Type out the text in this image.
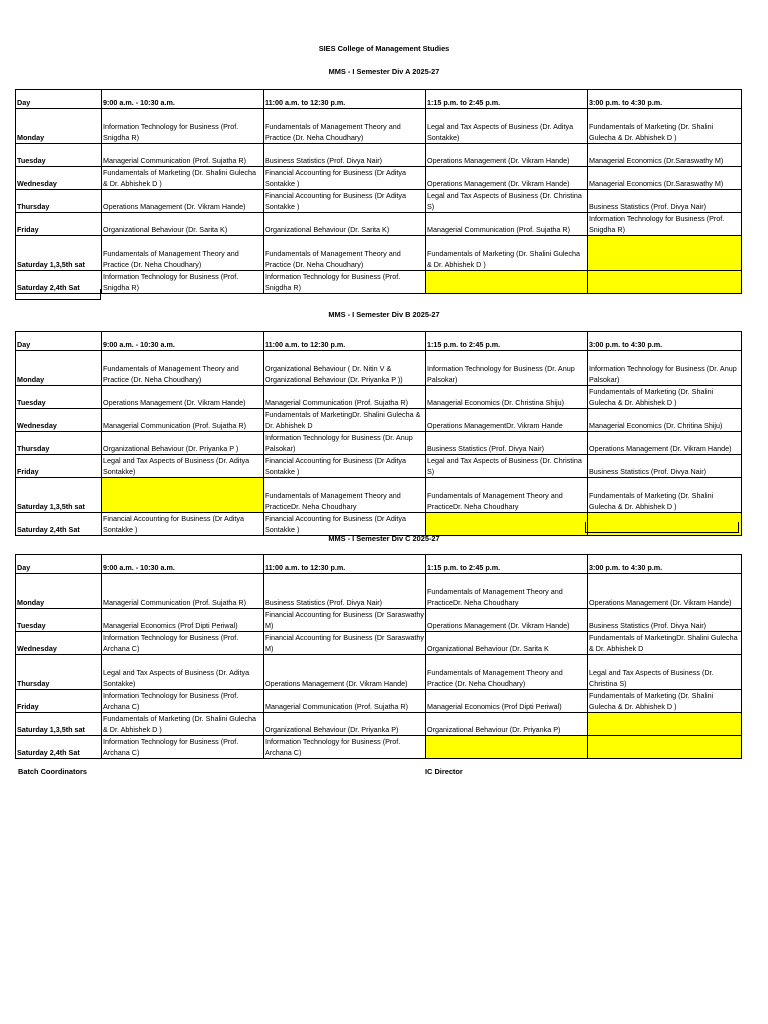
SIES College of Management Studies
MMS - I Semester Div A 2025-27
Day	9:00 a.m. - 10:30 a.m.	11:00 a.m. to 12:30 p.m.	1:15 p.m. to 2:45 p.m.	3:00 p.m. to 4:30 p.m.
Monday	Information Technology for Business (Prof. Snigdha R)	Fundamentals of Management Theory and Practice (Dr. Neha Choudhary)	Legal and Tax Aspects of Business (Dr. Aditya Sontakke)	Fundamentals of Marketing (Dr. Shalini Gulecha & Dr. Abhishek D )
Tuesday	Managerial Communication (Prof. Sujatha R)	Business Statistics (Prof. Divya Nair)	Operations Management (Dr. Vikram Hande)	Managerial Economics (Dr.Saraswathy M)
Wednesday	Fundamentals of Marketing (Dr. Shalini Gulecha & Dr. Abhishek D )	Financial Accounting for Business (Dr Aditya Sontakke )	Operations Management (Dr. Vikram Hande)	Managerial Economics (Dr.Saraswathy M)
Thursday	Operations Management (Dr. Vikram Hande)	Financial Accounting for Business (Dr Aditya Sontakke )	Legal and Tax Aspects of Business (Dr. Christina S)	Business Statistics (Prof. Divya Nair)
Friday	Organizational Behaviour (Dr. Sarita K)	Organizational Behaviour (Dr. Sarita K)	Managerial Communication (Prof. Sujatha R)	Information Technology for Business (Prof. Snigdha R)
Saturday 1,3,5th sat	Fundamentals of Management Theory and Practice (Dr. Neha Choudhary)	Fundamentals of Management Theory and Practice (Dr. Neha Choudhary)	Fundamentals of Marketing (Dr. Shalini Gulecha & Dr. Abhishek D )	
Saturday 2,4th Sat	Information Technology for Business (Prof. Snigdha R)	Information Technology for Business (Prof. Snigdha R)		
MMS - I Semester Div B 2025-27
Day	9:00 a.m. - 10:30 a.m.	11:00 a.m. to 12:30 p.m.	1:15 p.m. to 2:45 p.m.	3:00 p.m. to 4:30 p.m.
Monday	Fundamentals of Management Theory and Practice (Dr. Neha Choudhary)	Organizational Behaviour ( Dr. Nitin V & Organizational Behaviour (Dr. Priyanka P ))	Information Technology for Business (Dr. Anup Palsokar)	Information Technology for Business (Dr. Anup Palsokar)
Tuesday	Operations Management (Dr. Vikram Hande)	Managerial Communication (Prof. Sujatha R)	Managerial Economics (Dr. Christina Shiju)	Fundamentals of Marketing (Dr. Shalini Gulecha & Dr. Abhishek D )
Wednesday	Managerial Communication (Prof. Sujatha R)	Fundamentals of MarketingDr. Shalini Gulecha & Dr. Abhishek D	Operations ManagementDr. Vikram Hande	Managerial Economics (Dr. Chritina Shiju)
Thursday	Organizational Behaviour (Dr. Priyanka P )	Information Technology for Business (Dr. Anup Palsokar)	Business Statistics (Prof. Divya Nair)	Operations Management (Dr. Vikram Hande)
Friday	Legal and Tax Aspects of Business (Dr. Aditya Sontakke)	Financial Accounting for Business (Dr Aditya Sontakke )	Legal and Tax Aspects of Business (Dr. Christina S)	Business Statistics (Prof. Divya Nair)
Saturday 1,3,5th sat		Fundamentals of Management Theory and PracticeDr. Neha Choudhary	Fundamentals of Management Theory and PracticeDr. Neha Choudhary	Fundamentals of Marketing (Dr. Shalini Gulecha & Dr. Abhishek D )
Saturday 2,4th Sat	Financial Accounting for Business (Dr Aditya Sontakke )	Financial Accounting for Business (Dr Aditya Sontakke )		
MMS - I Semester Div C 2025-27
Day	9:00 a.m. - 10:30 a.m.	11:00 a.m. to 12:30 p.m.	1:15 p.m. to 2:45 p.m.	3:00 p.m. to 4:30 p.m.
Monday	Managerial Communication (Prof. Sujatha R)	Business Statistics (Prof. Divya Nair)	Fundamentals of Management Theory and PracticeDr. Neha Choudhary	Operations Management (Dr. Vikram Hande)
Tuesday	Managerial Economics (Prof Dipti Periwal)	Financial Accounting for Business (Dr Saraswathy M)	Operations Management (Dr. Vikram Hande)	Business Statistics (Prof. Divya Nair)
Wednesday	Information Technology for Business (Prof. Archana C)	Financial Accounting for Business (Dr Saraswathy M)	Organizational Behaviour (Dr. Sarita K	Fundamentals of MarketingDr. Shalini Gulecha & Dr. Abhishek D
Thursday	Legal and Tax Aspects of Business (Dr. Aditya Sontakke)	Operations Management (Dr. Vikram Hande)	Fundamentals of Management Theory and Practice (Dr. Neha Choudhary)	Legal and Tax Aspects of Business (Dr. Christina S)
Friday	Information Technology for Business (Prof. Archana C)	Managerial Communication (Prof. Sujatha R)	Managerial Economics (Prof Dipti Periwal)	Fundamentals of Marketing (Dr. Shalini Gulecha & Dr. Abhishek D )
Saturday 1,3,5th sat	Fundamentals of Marketing (Dr. Shalini Gulecha & Dr. Abhishek D )	Organizational Behaviour (Dr. Priyanka P)	Organizational Behaviour (Dr. Priyanka P)	
Saturday 2,4th Sat	Information Technology for Business (Prof. Archana C)	Information Technology for Business (Prof. Archana C)		
Batch Coordinators	IC Director
